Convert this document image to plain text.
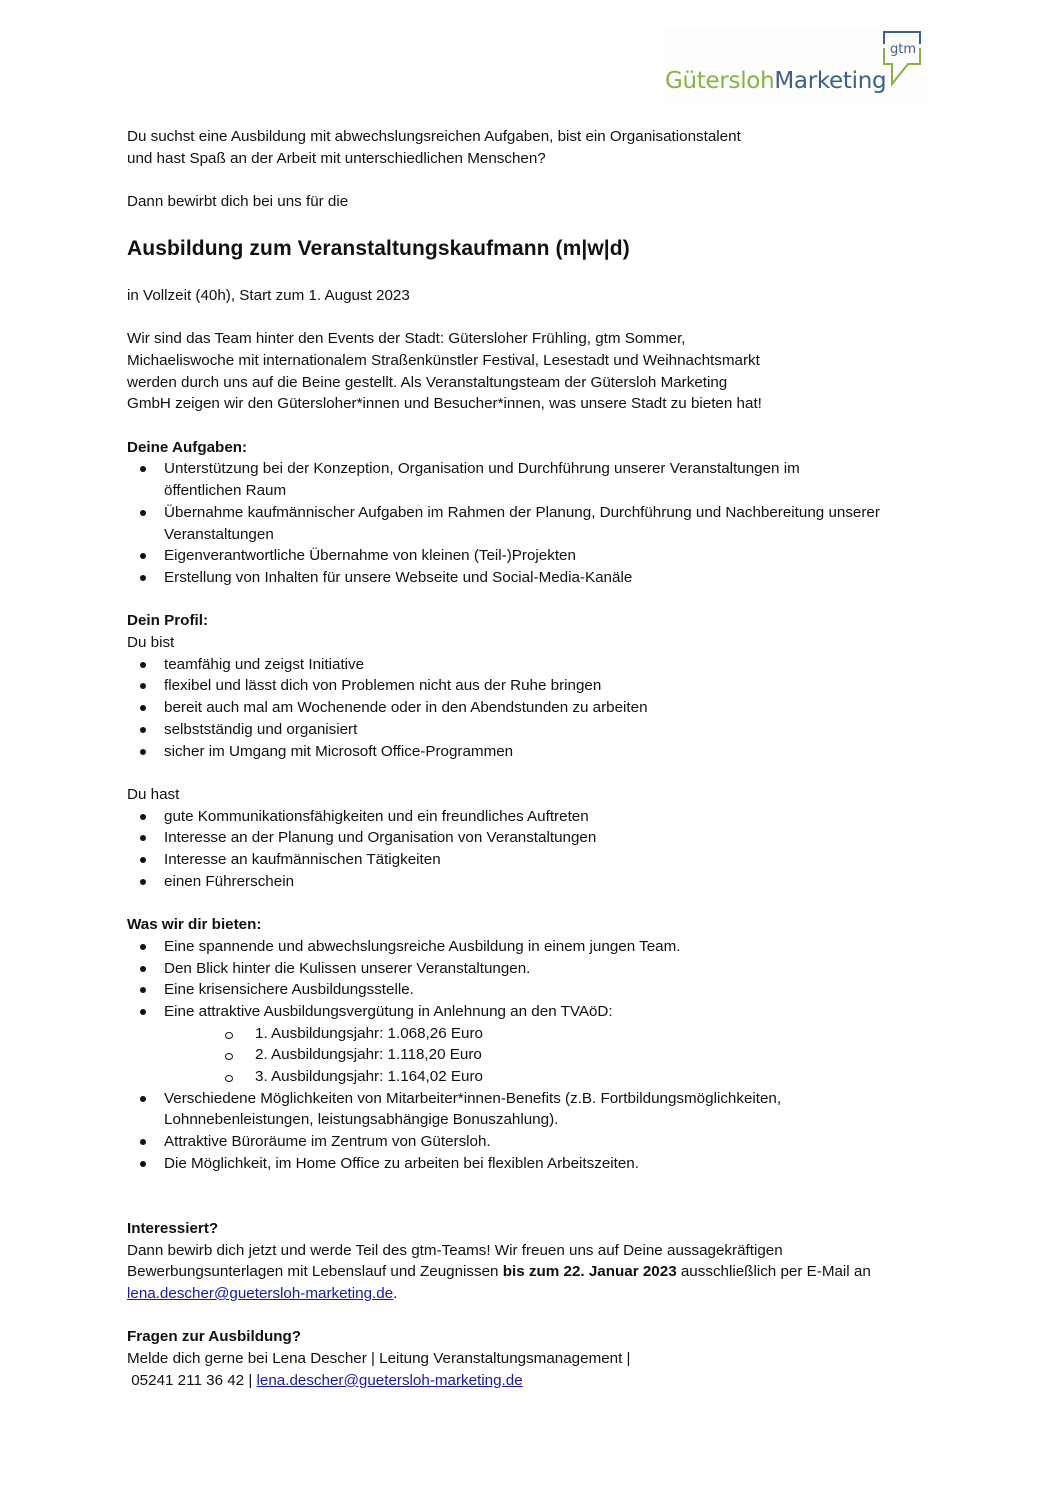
GüterslohMarketing
gtm

Du suchst eine Ausbildung mit abwechslungsreichen Aufgaben, bist ein Organisationstalent

und hast Spaß an der Arbeit mit unterschiedlichen Menschen?

Dann bewirbt dich bei uns für die

Ausbildung zum Veranstaltungskaufmann (m|w|d)

in Vollzeit (40h), Start zum 1. August 2023

Wir sind das Team hinter den Events der Stadt: Gütersloher Frühling, gtm Sommer,

Michaeliswoche mit internationalem Straßenkünstler Festival, Lesestadt und Weihnachtsmarkt

werden durch uns auf die Beine gestellt. Als Veranstaltungsteam der Gütersloh Marketing

GmbH zeigen wir den Gütersloher*innen und Besucher*innen, was unsere Stadt zu bieten hat!

Deine Aufgaben:

Unterstützung bei der Konzeption, Organisation und Durchführung unserer Veranstaltungen im öffentlichen Raum
Übernahme kaufmännischer Aufgaben im Rahmen der Planung, Durchführung und Nachbereitung unserer Veranstaltungen
Eigenverantwortliche Übernahme von kleinen (Teil-)Projekten
Erstellung von Inhalten für unsere Webseite und Social-Media-Kanäle

Dein Profil:

Du bist

teamfähig und zeigst Initiative
flexibel und lässt dich von Problemen nicht aus der Ruhe bringen
bereit auch mal am Wochenende oder in den Abendstunden zu arbeiten
selbstständig und organisiert
sicher im Umgang mit Microsoft Office-Programmen

Du hast

gute Kommunikationsfähigkeiten und ein freundliches Auftreten
Interesse an der Planung und Organisation von Veranstaltungen
Interesse an kaufmännischen Tätigkeiten
einen Führerschein

Was wir dir bieten:

Eine spannende und abwechslungsreiche Ausbildung in einem jungen Team.
Den Blick hinter die Kulissen unserer Veranstaltungen.
Eine krisensichere Ausbildungsstelle.
Eine attraktive Ausbildungsvergütung in Anlehnung an den TVAöD:
1. Ausbildungsjahr: 1.068,26 Euro
2. Ausbildungsjahr: 1.118,20 Euro
3. Ausbildungsjahr: 1.164,02 Euro
Verschiedene Möglichkeiten von Mitarbeiter*innen-Benefits (z.B. Fortbildungsmöglichkeiten, Lohnnebenleistungen, leistungsabhängige Bonuszahlung).
Attraktive Büroräume im Zentrum von Gütersloh.
Die Möglichkeit, im Home Office zu arbeiten bei flexiblen Arbeitszeiten.

Interessiert?

Dann bewirb dich jetzt und werde Teil des gtm-Teams! Wir freuen uns auf Deine aussagekräftigen Bewerbungsunterlagen mit Lebenslauf und Zeugnissen bis zum 22. Januar 2023 ausschließlich per E-Mail an lena.descher@guetersloh-marketing.de.

Fragen zur Ausbildung?

Melde dich gerne bei Lena Descher | Leitung Veranstaltungsmanagement |

05241 211 36 42 | lena.descher@guetersloh-marketing.de
